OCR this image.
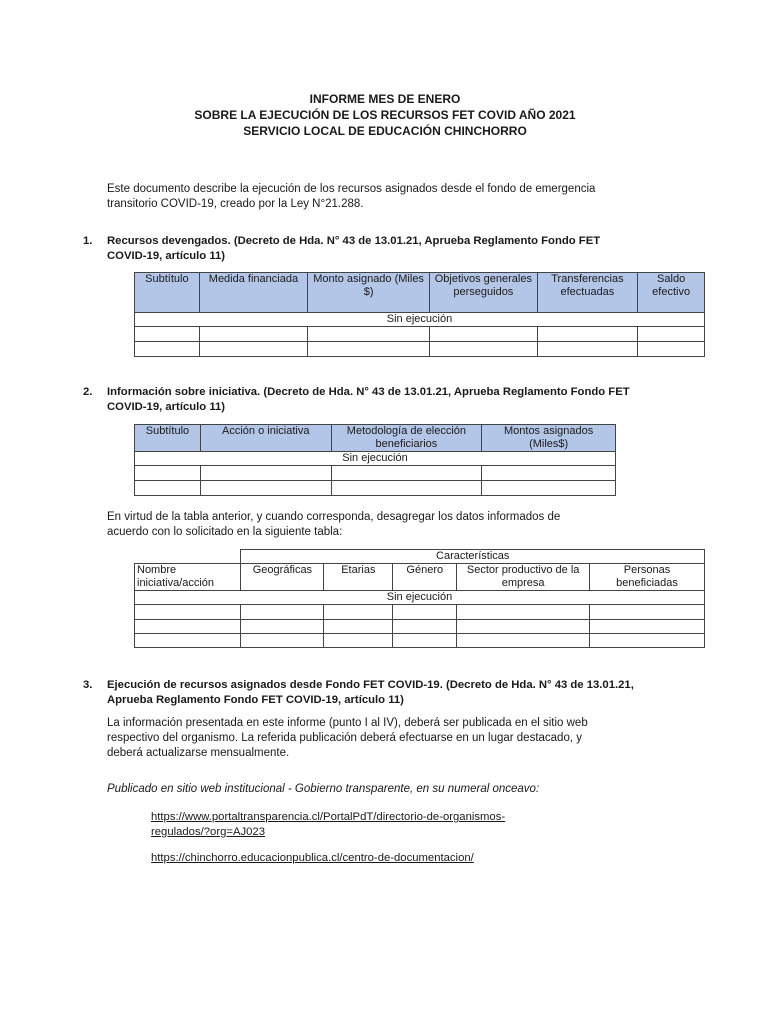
INFORME MES DE ENERO
SOBRE LA EJECUCIÓN DE LOS RECURSOS FET COVID AÑO 2021
SERVICIO LOCAL DE EDUCACIÓN CHINCHORRO
Este documento describe la ejecución de los recursos asignados desde el fondo de emergencia
transitorio COVID-19, creado por la Ley N°21.288.
1. Recursos devengados. (Decreto de Hda. N° 43 de 13.01.21, Aprueba Reglamento Fondo FET
COVID-19, artículo 11)
Subtítulo	Medida financiada	Monto asignado (Miles $)	Objetivos generales perseguidos	Transferencias efectuadas	Saldo efectivo
Sin ejecución					

2. Información sobre iniciativa. (Decreto de Hda. N° 43 de 13.01.21, Aprueba Reglamento Fondo FET
COVID-19, artículo 11)
Subtítulo	Acción o iniciativa	Metodología de elección beneficiarios	Montos asignados (Miles$)
Sin ejecución			

En virtud de la tabla anterior, y cuando corresponda, desagregar los datos informados de
acuerdo con lo solicitado en la siguiente tabla:
	Características				
Nombre iniciativa/acción	Geográficas	Etarias	Género	Sector productivo de la empresa	Personas beneficiadas
Sin ejecución					

3. Ejecución de recursos asignados desde Fondo FET COVID-19. (Decreto de Hda. N° 43 de 13.01.21,
Aprueba Reglamento Fondo FET COVID-19, artículo 11)
La información presentada en este informe (punto I al IV), deberá ser publicada en el sitio web
respectivo del organismo. La referida publicación deberá efectuarse en un lugar destacado, y
deberá actualizarse mensualmente.
Publicado en sitio web institucional - Gobierno transparente, en su numeral onceavo:
https://www.portaltransparencia.cl/PortalPdT/directorio-de-organismos-
regulados/?org=AJ023
https://chinchorro.educacionpublica.cl/centro-de-documentacion/
